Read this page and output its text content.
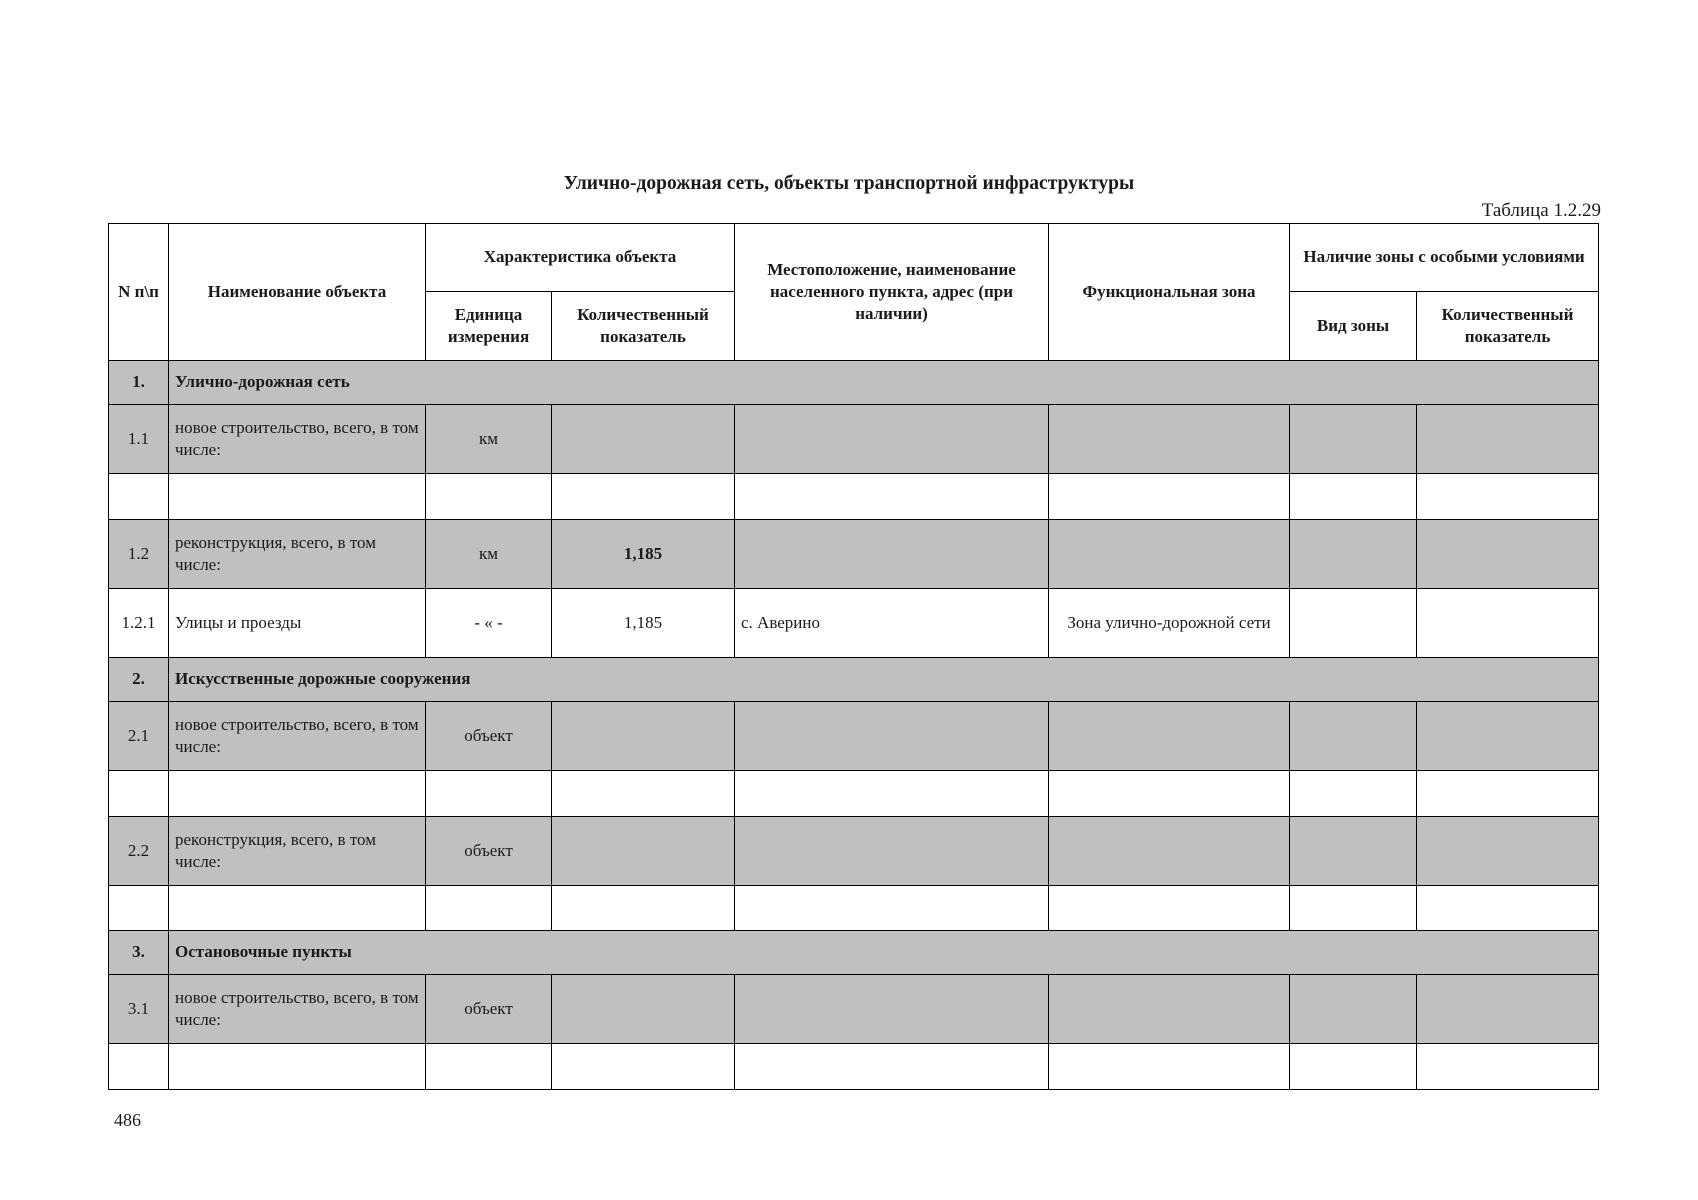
Улично-дорожная сеть, объекты транспортной инфраструктуры
Таблица 1.2.29
N п\п	Наименование объекта	Характеристика объекта		Местоположение, наименование населенного пункта, адрес (при наличии)	Функциональная зона	Наличие зоны с особыми условиями	
		Единица измерения	Количественный показатель			Вид зоны	Количественный показатель
1.	Улично-дорожная сеть						
1.1	новое строительство, всего, в том числе:	км					

1.2	реконструкция, всего, в том числе:	км	1,185				
1.2.1	Улицы и проезды	- « -	1,185	с. Аверино	Зона улично-дорожной сети		
2.	Искусственные дорожные сооружения						
2.1	новое строительство, всего, в том числе:	объект					

2.2	реконструкция, всего, в том числе:	объект					

3.	Остановочные пункты						
3.1	новое строительство, всего, в том числе:	объект					

486
